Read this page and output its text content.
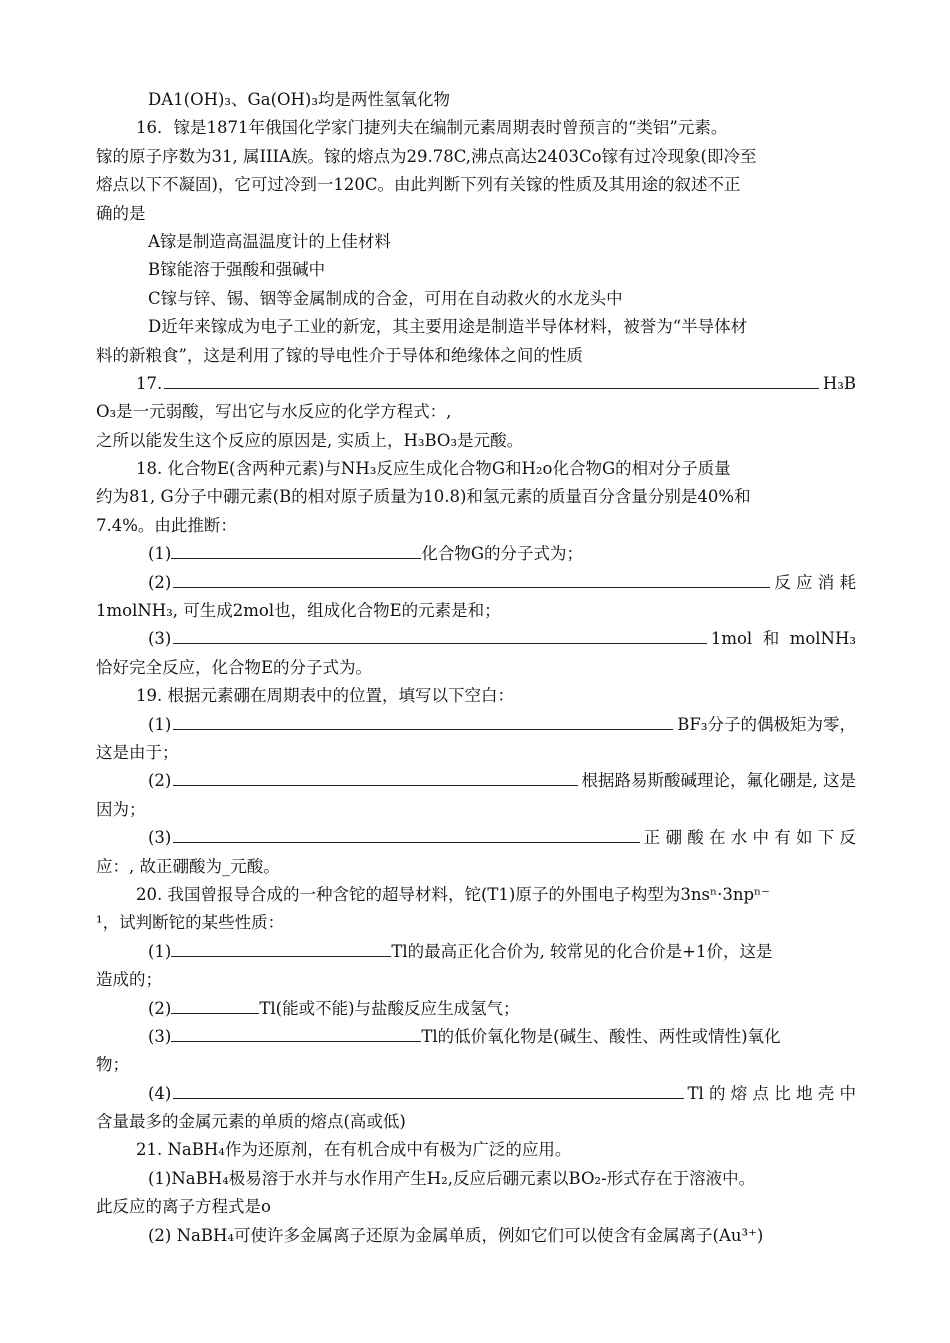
DA1(OH)₃、Ga(OH)₃均是两性氢氧化物
16．镓是1871年俄国化学家门捷列夫在编制元素周期表时曾预言的“类铝”元素。
镓的原子序数为31, 属IIIA族。镓的熔点为29.78C,沸点高达2403Co镓有过冷现象(即冷至
熔点以下不凝固)，它可过冷到一120C。由此判断下列有关镓的性质及其用途的叙述不正
确的是
A镓是制造高温温度计的上佳材料
B镓能溶于强酸和强碱中
C镓与锌、锡、铟等金属制成的合金，可用在自动救火的水龙头中
D近年来镓成为电子工业的新宠，其主要用途是制造半导体材料，被誉为“半导体材
料的新粮食”，这是利用了镓的导电性介于导体和绝缘体之间的性质
17.	H₃B
O₃是一元弱酸，写出它与水反应的化学方程式：,
之所以能发生这个反应的原因是, 实质上，H₃BO₃是元酸。
18. 化合物E(含两种元素)与NH₃反应生成化合物G和H₂o化合物G的相对分子质量
约为81, G分子中硼元素(B的相对原子质量为10.8)和氢元素的质量百分含量分别是40%和
7.4%。由此推断：
(1)	化合物G的分子式为；
(2)	反 应 消 耗
1molNH₃, 可生成2mol也，组成化合物E的元素是和；
(3)	1mol  和  molNH₃
恰好完全反应，化合物E的分子式为。
19. 根据元素硼在周期表中的位置，填写以下空白：
(1)	BF₃分子的偶极矩为零，
这是由于；
(2)	根据路易斯酸碱理论，氟化硼是, 这是
因为；
(3)	正 硼 酸 在 水 中 有 如 下 反
应：, 故正硼酸为_元酸。
20. 我国曾报导合成的一种含铊的超导材料，铊(T1)原子的外围电子构型为3nsⁿ·3npⁿ⁻
¹，试判断铊的某些性质：
(1)	Tl的最高正化合价为, 较常见的化合价是+1价，这是
造成的；
(2)	Tl(能或不能)与盐酸反应生成氢气；
(3)	Tl的低价氧化物是(碱生、酸性、两性或情性)氧化
物；
(4)	Tl 的 熔 点 比 地 壳 中
含量最多的金属元素的单质的熔点(高或低)
21. NaBH₄作为还原剂，在有机合成中有极为广泛的应用。
(1)NaBH₄极易溶于水并与水作用产生H₂,反应后硼元素以BO₂-形式存在于溶液中。
此反应的离子方程式是o
(2) NaBH₄可使许多金属离子还原为金属单质，例如它们可以使含有金属离子(Au³⁺)
